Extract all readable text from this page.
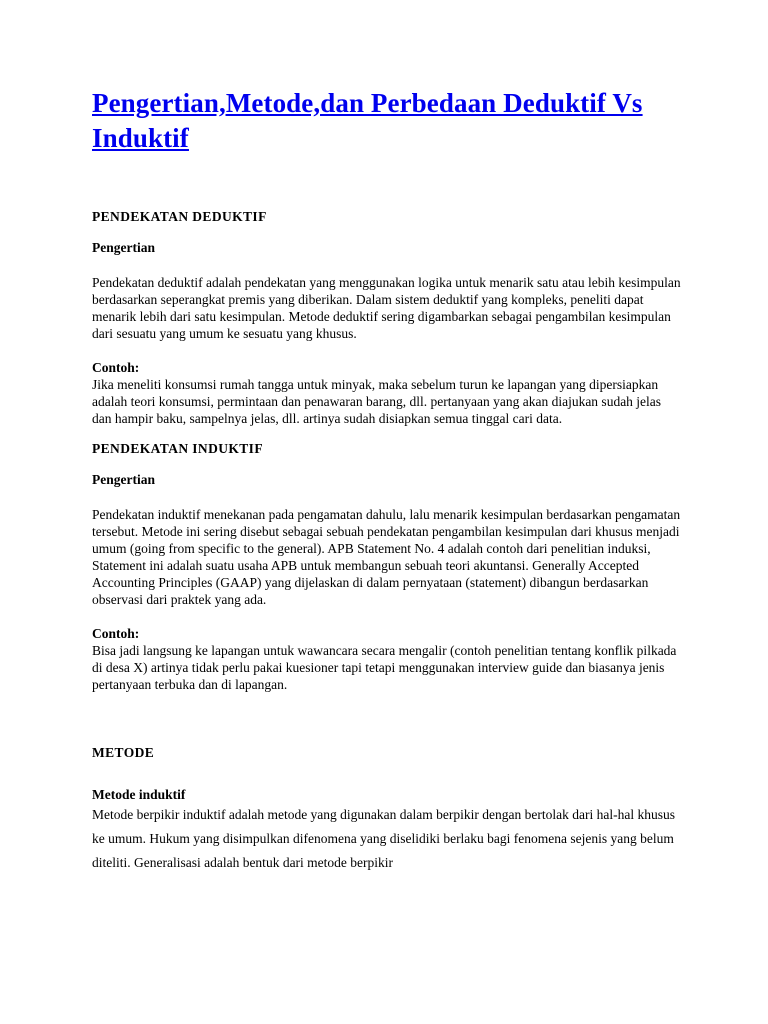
Pengertian,Metode,dan Perbedaan Deduktif Vs Induktif

PENDEKATAN DEDUKTIF

Pengertian

Pendekatan deduktif adalah pendekatan yang menggunakan logika untuk menarik satu atau lebih kesimpulan berdasarkan seperangkat premis yang diberikan. Dalam sistem deduktif yang kompleks, peneliti dapat menarik lebih dari satu kesimpulan. Metode deduktif sering digambarkan sebagai pengambilan kesimpulan dari sesuatu yang umum ke sesuatu yang khusus.

Contoh:

Jika meneliti konsumsi rumah tangga untuk minyak, maka sebelum turun ke lapangan yang dipersiapkan adalah teori konsumsi, permintaan dan penawaran barang, dll. pertanyaan yang akan diajukan sudah jelas dan hampir baku, sampelnya jelas, dll. artinya sudah disiapkan semua tinggal cari data.

PENDEKATAN INDUKTIF

Pengertian

Pendekatan induktif menekanan pada pengamatan dahulu, lalu menarik kesimpulan berdasarkan pengamatan tersebut. Metode ini sering disebut sebagai sebuah pendekatan pengambilan kesimpulan dari khusus menjadi umum (going from specific to the general). APB Statement No. 4 adalah contoh dari penelitian induksi, Statement ini adalah suatu usaha APB untuk membangun sebuah teori akuntansi. Generally Accepted Accounting Principles (GAAP) yang dijelaskan di dalam pernyataan (statement) dibangun berdasarkan observasi dari praktek yang ada.

Contoh:

Bisa jadi langsung ke lapangan untuk wawancara secara mengalir (contoh penelitian tentang konflik pilkada di desa X) artinya tidak perlu pakai kuesioner tapi tetapi menggunakan interview guide dan biasanya jenis pertanyaan terbuka dan di lapangan.

METODE

Metode induktif

Metode berpikir induktif adalah metode yang digunakan dalam berpikir dengan bertolak dari hal-hal khusus ke umum. Hukum yang disimpulkan difenomena yang diselidiki berlaku bagi fenomena sejenis yang belum diteliti. Generalisasi adalah bentuk dari metode berpikir
